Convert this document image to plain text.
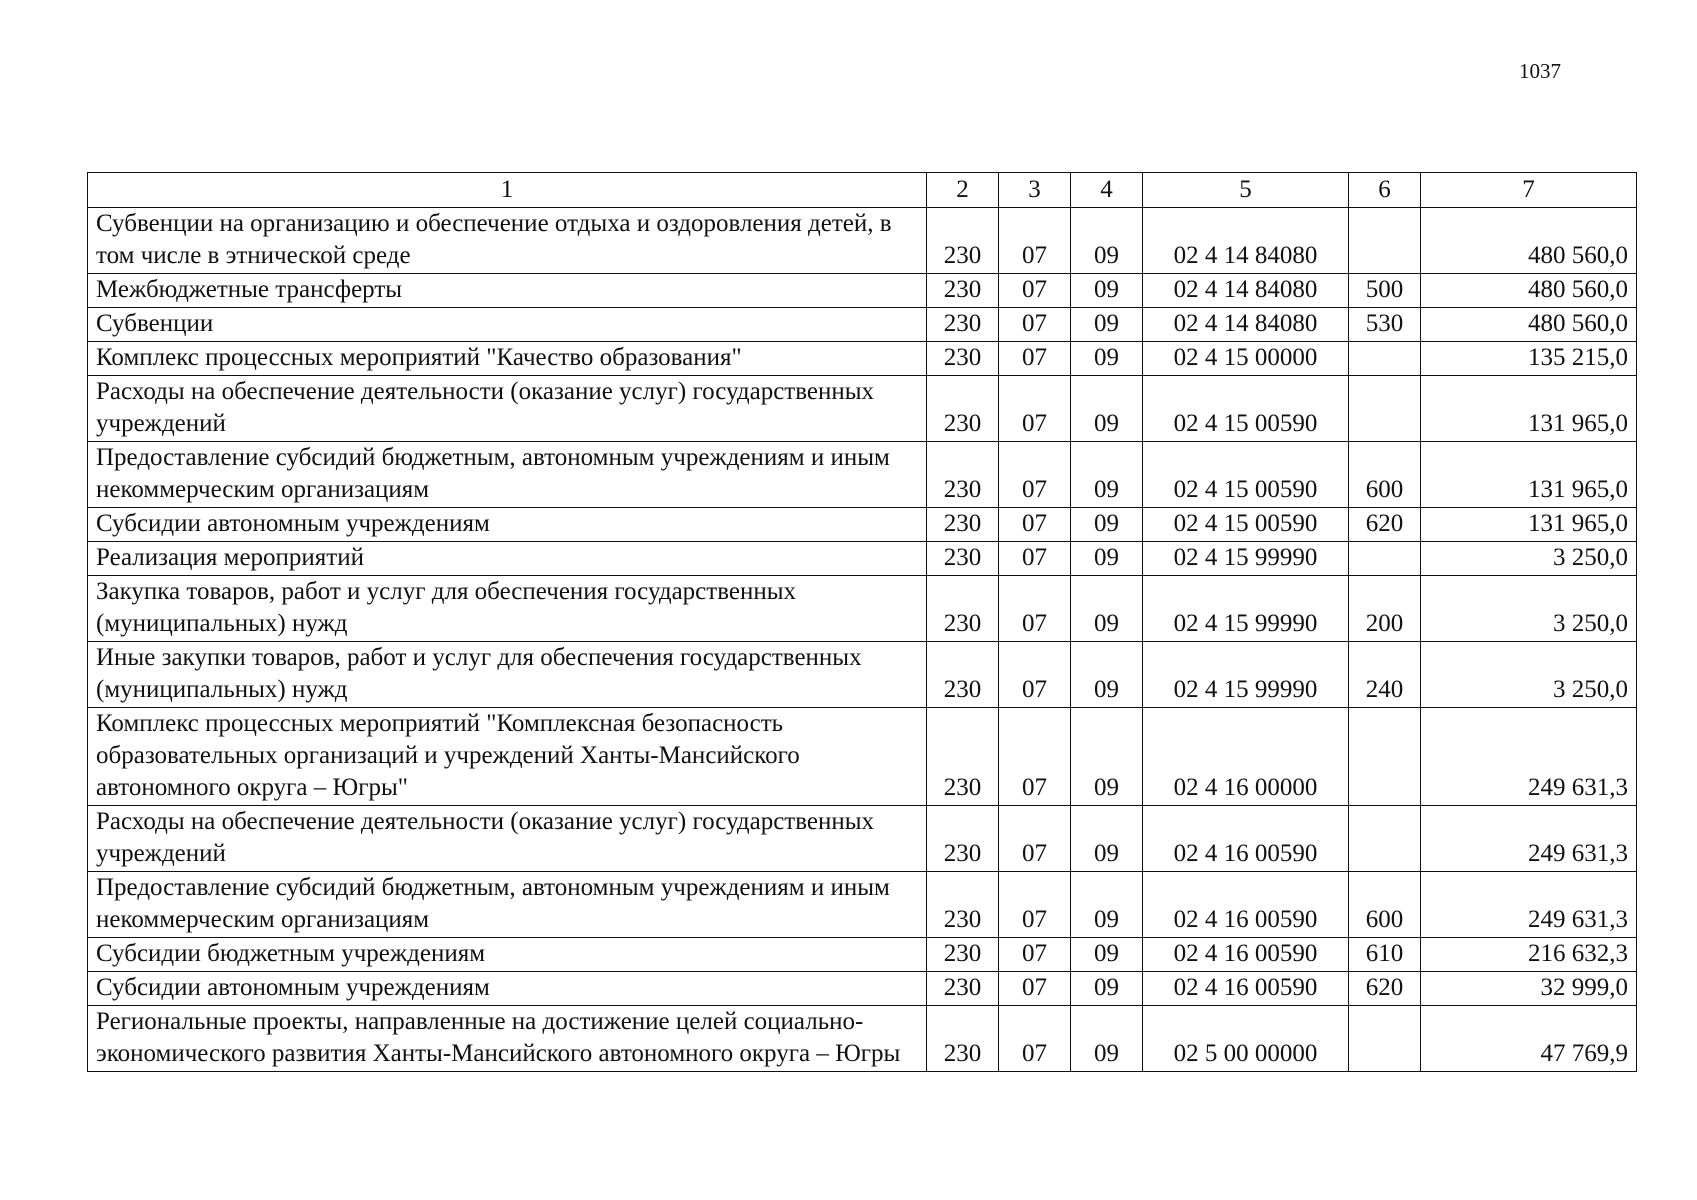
1037
1	2	3	4	5	6	7
Субвенции на организацию и обеспечение отдыха и оздоровления детей, в том числе в этнической среде	230	07	09	02 4 14 84080		480 560,0
Межбюджетные трансферты	230	07	09	02 4 14 84080	500	480 560,0
Субвенции	230	07	09	02 4 14 84080	530	480 560,0
Комплекс процессных мероприятий "Качество образования"	230	07	09	02 4 15 00000		135 215,0
Расходы на обеспечение деятельности (оказание услуг) государственных учреждений	230	07	09	02 4 15 00590		131 965,0
Предоставление субсидий бюджетным, автономным учреждениям и иным некоммерческим организациям	230	07	09	02 4 15 00590	600	131 965,0
Субсидии автономным учреждениям	230	07	09	02 4 15 00590	620	131 965,0
Реализация мероприятий	230	07	09	02 4 15 99990		3 250,0
Закупка товаров, работ и услуг для обеспечения государственных (муниципальных) нужд	230	07	09	02 4 15 99990	200	3 250,0
Иные закупки товаров, работ и услуг для обеспечения государственных (муниципальных) нужд	230	07	09	02 4 15 99990	240	3 250,0
Комплекс процессных мероприятий "Комплексная безопасность образовательных организаций и учреждений Ханты-Мансийского автономного округа – Югры"	230	07	09	02 4 16 00000		249 631,3
Расходы на обеспечение деятельности (оказание услуг) государственных учреждений	230	07	09	02 4 16 00590		249 631,3
Предоставление субсидий бюджетным, автономным учреждениям и иным некоммерческим организациям	230	07	09	02 4 16 00590	600	249 631,3
Субсидии бюджетным учреждениям	230	07	09	02 4 16 00590	610	216 632,3
Субсидии автономным учреждениям	230	07	09	02 4 16 00590	620	32 999,0
Региональные проекты, направленные на достижение целей социально-экономического развития Ханты-Мансийского автономного округа – Югры	230	07	09	02 5 00 00000		47 769,9
